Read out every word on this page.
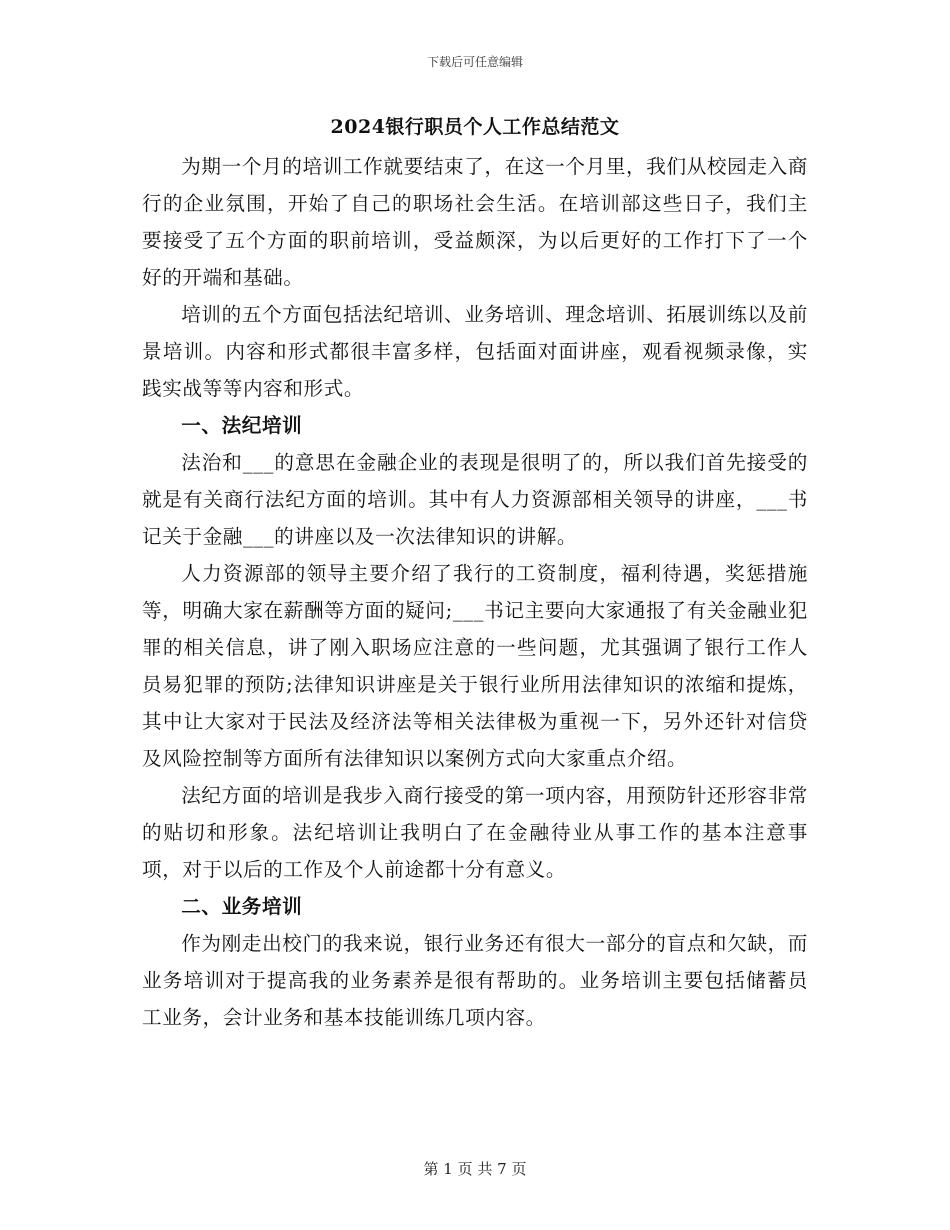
下载后可任意编辑
2024银行职员个人工作总结范文

为期一个月的培训工作就要结束了，在这一个月里，我们从校园走入商行的企业氛围，开始了自己的职场社会生活。在培训部这些日子，我们主要接受了五个方面的职前培训，受益颇深，为以后更好的工作打下了一个好的开端和基础。

培训的五个方面包括法纪培训、业务培训、理念培训、拓展训练以及前景培训。内容和形式都很丰富多样，包括面对面讲座，观看视频录像，实践实战等等内容和形式。

一、法纪培训

法治和___的意思在金融企业的表现是很明了的，所以我们首先接受的就是有关商行法纪方面的培训。其中有人力资源部相关领导的讲座，___书记关于金融___的讲座以及一次法律知识的讲解。

人力资源部的领导主要介绍了我行的工资制度，福利待遇，奖惩措施等，明确大家在薪酬等方面的疑问;___书记主要向大家通报了有关金融业犯罪的相关信息，讲了刚入职场应注意的一些问题，尤其强调了银行工作人员易犯罪的预防;法律知识讲座是关于银行业所用法律知识的浓缩和提炼，其中让大家对于民法及经济法等相关法律极为重视一下，另外还针对信贷及风险控制等方面所有法律知识以案例方式向大家重点介绍。

法纪方面的培训是我步入商行接受的第一项内容，用预防针还形容非常的贴切和形象。法纪培训让我明白了在金融待业从事工作的基本注意事项，对于以后的工作及个人前途都十分有意义。

二、业务培训

作为刚走出校门的我来说，银行业务还有很大一部分的盲点和欠缺，而业务培训对于提高我的业务素养是很有帮助的。业务培训主要包括储蓄员工业务，会计业务和基本技能训练几项内容。

第 1 页 共 7 页
